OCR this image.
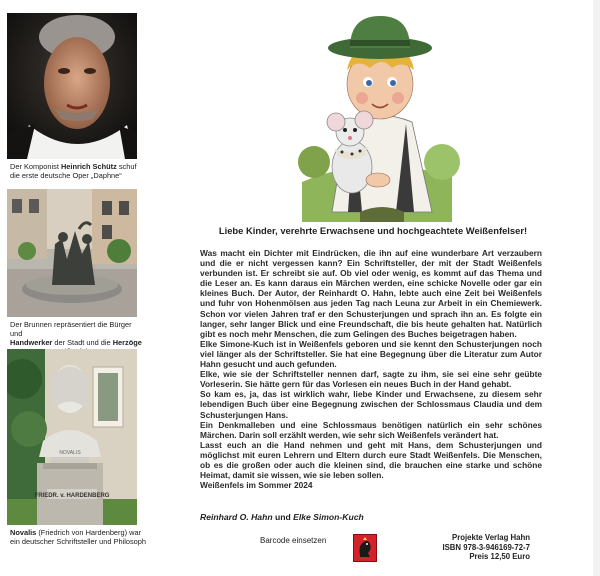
Der Komponist Heinrich Schütz schuf die erste deutsche Oper „Daphne“
Der Brunnen repräsentiert die Bürger und
Handwerker der Stadt und die Herzöge
NOVALIS
FRIEDR. v. HARDENBERG
Novalis (Friedrich von Hardenberg) war
ein deutscher Schriftsteller und Philosoph
Liebe Kinder, verehrte Erwachsene und hochgeachtete Weißenfelser!

Was macht ein Dichter mit Eindrücken, die ihn auf eine wunderbare Art verzaubern und die er nicht vergessen kann? Ein Schriftsteller, der mit der Stadt Weißenfels verbunden ist. Er schreibt sie auf. Ob viel oder wenig, es kommt auf das Thema und die Leser an. Es kann daraus ein Märchen werden, eine schicke Novelle oder gar ein kleines Buch. Der Autor, der Reinhardt O. Hahn, lebte auch eine Zeit bei Weißenfels und fuhr von Hohenmölsen aus jeden Tag nach Leuna zur Arbeit in ein Chemiewerk. Schon vor vielen Jahren traf er den Schusterjungen und sprach ihn an. Es folgte ein langer, sehr langer Blick und eine Freundschaft, die bis heute gehalten hat. Natürlich gibt es noch mehr Menschen, die zum Gelingen des Buches beigetragen haben.

Elke Simone-Kuch ist in Weißenfels geboren und sie kennt den Schusterjungen noch viel länger als der Schriftsteller. Sie hat eine Begegnung über die Literatur zum Autor Hahn gesucht und auch gefunden.

Elke, wie sie der Schriftsteller nennen darf, sagte zu ihm, sie sei eine sehr geübte Vorleserin. Sie hätte gern für das Vorlesen ein neues Buch in der Hand gehabt.

So kam es, ja, das ist wirklich wahr, liebe Kinder und Erwachsene, zu diesem sehr lebendigen Buch über eine Begegnung zwischen der Schlossmaus Claudia und dem Schusterjungen Hans.

Ein Denkmalleben und eine Schlossmaus benötigen natürlich ein sehr schönes Märchen. Darin soll erzählt werden, wie sehr sich Weißenfels verändert hat.

Lasst euch an die Hand nehmen und geht mit Hans, dem Schusterjungen und möglichst mit euren Lehrern und Eltern durch eure Stadt Weißenfels. Die Menschen, ob es die großen oder auch die kleinen sind, die brauchen eine starke und schöne Heimat, damit sie wissen, wie sie leben sollen.

Weißenfels im Sommer 2024

Reinhard O. Hahn und Elke Simon-Kuch
Barcode einsetzen	Projekte Verlag Hahn
ISBN 978-3-946169-72-7
Preis 12,50 Euro
